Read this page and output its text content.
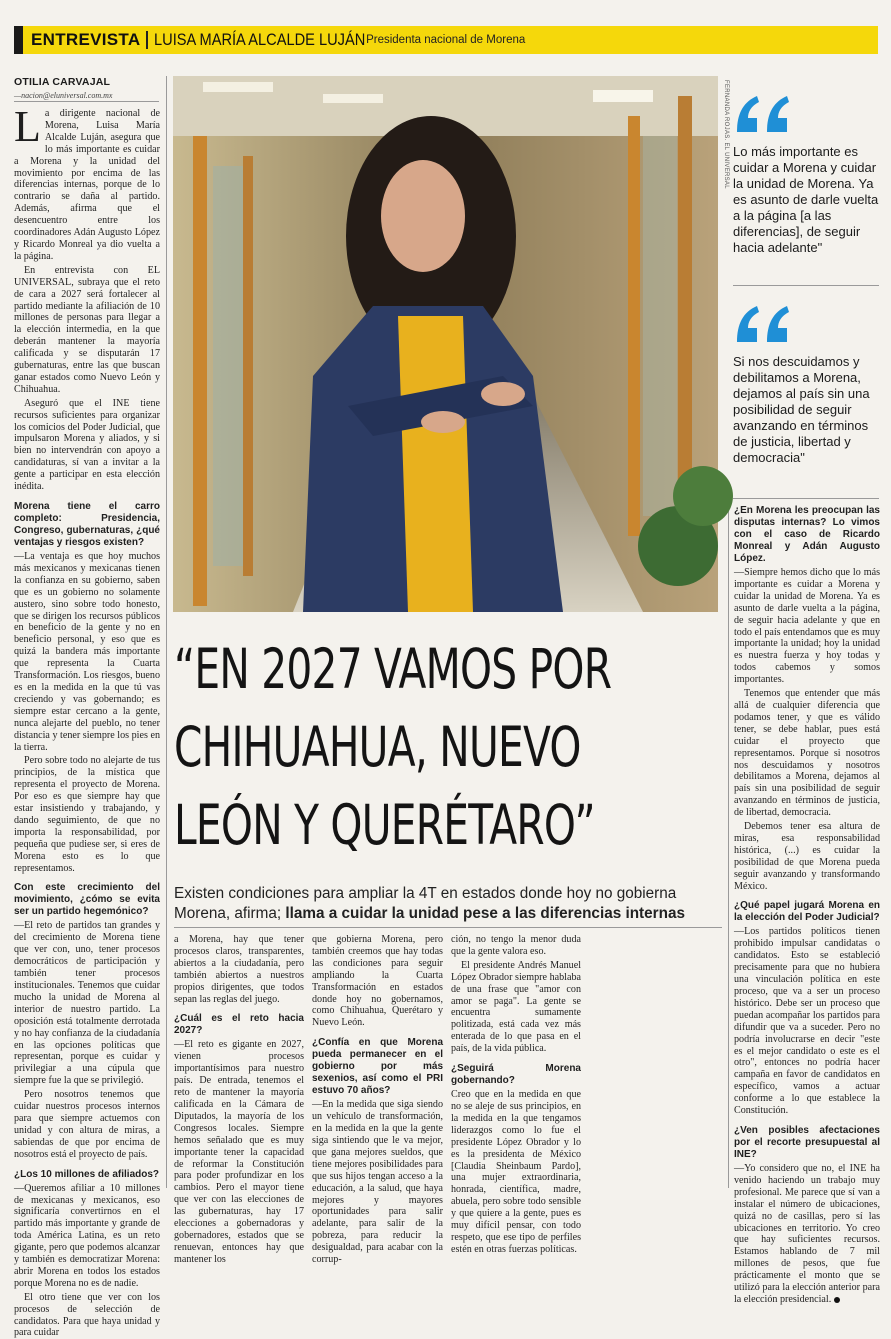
ENTREVISTA LUISA MARÍA ALCALDE LUJÁN Presidenta nacional de Morena
OTILIA CARVAJAL
—nacion@eluniversal.com.mx

La dirigente nacional de Morena, Luisa María Alcalde Luján, asegura que lo más importante es cuidar a Morena y la unidad del movimiento por encima de las diferencias internas, porque de lo contrario se daña al partido. Además, afirma que el desencuentro entre los coordinadores Adán Augusto López y Ricardo Monreal ya dio vuelta a la página.

En entrevista con EL UNIVERSAL, subraya que el reto de cara a 2027 será fortalecer al partido mediante la afiliación de 10 millones de personas para llegar a la elección intermedia, en la que deberán mantener la mayoría calificada y se disputarán 17 gubernaturas, entre las que buscan ganar estados como Nuevo León y Chihuahua.

Aseguró que el INE tiene recursos suficientes para organizar los comicios del Poder Judicial, que impulsaron Morena y aliados, y si bien no intervendrán con apoyo a candidaturas, sí van a invitar a la gente a participar en esta elección inédita.

Morena tiene el carro completo: Presidencia, Congreso, gubernaturas, ¿qué ventajas y riesgos existen?

—La ventaja es que hoy muchos más mexicanos y mexicanas tienen la confianza en su gobierno, saben que es un gobierno no solamente austero, sino sobre todo honesto, que se dirigen los recursos públicos en beneficio de la gente y no en beneficio personal, y eso que es quizá la bandera más importante que representa la Cuarta Transformación. Los riesgos, bueno es en la medida en la que tú vas creciendo y vas gobernando; es siempre estar cercano a la gente, nunca alejarte del pueblo, no tener distancia y tener siempre los pies en la tierra.

Pero sobre todo no alejarte de tus principios, de la mística que representa el proyecto de Morena. Por eso es que siempre hay que estar insistiendo y trabajando, y dando seguimiento, de que no importa la responsabilidad, por pequeña que pudiese ser, si eres de Morena esto es lo que representamos.

Con este crecimiento del movimiento, ¿cómo se evita ser un partido hegemónico?

—El reto de partidos tan grandes y del crecimiento de Morena tiene que ver con, uno, tener procesos democráticos de participación y también tener procesos institucionales. Tenemos que cuidar mucho la unidad de Morena al interior de nuestro partido. La oposición está totalmente derrotada y no hay confianza de la ciudadanía en las opciones políticas que representan, porque es cuidar y privilegiar a una cúpula que siempre fue la que se privilegió.

Pero nosotros tenemos que cuidar nuestros procesos internos para que siempre actuemos con unidad y con altura de miras, a sabiendas de que por encima de nosotros está el proyecto de país.

¿Los 10 millones de afiliados?

—Queremos afiliar a 10 millones de mexicanas y mexicanos, eso significaría convertirnos en el partido más importante y grande de toda América Latina, es un reto gigante, pero que podemos alcanzar y también es democratizar Morena: abrir Morena en todos los estados porque Morena no es de nadie.

El otro tiene que ver con los procesos de selección de candidatos. Para que haya unidad y para cuidar

FERNANDA ROJAS. EL UNIVERSAL Lo más importante es cuidar a Morena y cuidar la unidad de Morena. Ya es asunto de darle vuelta a la página [a las diferencias], de seguir hacia adelante"
Si nos descuidamos y debilitamos a Morena, dejamos al país sin una posibilidad de seguir avanzando en términos de justicia, libertad y democracia"

¿En Morena les preocupan las disputas internas? Lo vimos con el caso de Ricardo Monreal y Adán Augusto López.

—Siempre hemos dicho que lo más importante es cuidar a Morena y cuidar la unidad de Morena. Ya es asunto de darle vuelta a la página, de seguir hacia adelante y que en todo el país entendamos que es muy importante la unidad; hoy la unidad es nuestra fuerza y hoy todas y todos cabemos y somos importantes.

Tenemos que entender que más allá de cualquier diferencia que podamos tener, y que es válido tener, se debe hablar, pues está cuidar el proyecto que representamos. Porque si nosotros nos descuidamos y nosotros debilitamos a Morena, dejamos al país sin una posibilidad de seguir avanzando en términos de justicia, de libertad, democracia.

Debemos tener esa altura de miras, esa responsabilidad histórica, (...) es cuidar la posibilidad de que Morena pueda seguir avanzando y transformando México.

¿Qué papel jugará Morena en la elección del Poder Judicial?

—Los partidos políticos tienen prohibido impulsar candidatas o candidatos. Esto se estableció precisamente para que no hubiera una vinculación política en este proceso, que va a ser un proceso histórico. Debe ser un proceso que puedan acompañar los partidos para difundir que va a suceder. Pero no podría involucrarse en decir "este es el mejor candidato o este es el otro", entonces no podría hacer campaña en favor de candidatos en específico, vamos a actuar conforme a lo que establece la Constitución.

¿Ven posibles afectaciones por el recorte presupuestal al INE?

—Yo considero que no, el INE ha venido haciendo un trabajo muy profesional. Me parece que sí van a instalar el número de ubicaciones, quizá no de casillas, pero sí las ubicaciones en territorio. Yo creo que hay suficientes recursos. Estamos hablando de 7 mil millones de pesos, que fue prácticamente el monto que se utilizó para la elección anterior para la elección presidencial.

“EN 2027 VAMOS POR
CHIHUAHUA, NUEVO
LEÓN Y QUERÉTARO”
Existen condiciones para ampliar la 4T en estados donde hoy no gobierna Morena, afirma; llama a cuidar la unidad pese a las diferencias internas

a Morena, hay que tener procesos claros, transparentes, abiertos a la ciudadanía, pero también abiertos a nuestros propios dirigentes, que todos sepan las reglas del juego.

¿Cuál es el reto hacia 2027?

—El reto es gigante en 2027, vienen procesos importantísimos para nuestro país. De entrada, tenemos el reto de mantener la mayoría calificada en la Cámara de Diputados, la mayoría de los Congresos locales. Siempre hemos señalado que es muy importante tener la capacidad de reformar la Constitución para poder profundizar en los cambios. Pero el mayor tiene que ver con las elecciones de las gubernaturas, hay 17 elecciones a gobernadoras y gobernadores, estados que se renuevan, entonces hay que mantener los

que gobierna Morena, pero también creemos que hay todas las condiciones para seguir ampliando la Cuarta Transformación en estados donde hoy no gobernamos, como Chihuahua, Querétaro y Nuevo León.

¿Confía en que Morena pueda permanecer en el gobierno por más sexenios, así como el PRI estuvo 70 años?

—En la medida que siga siendo un vehículo de transformación, en la medida en la que la gente siga sintiendo que le va mejor, que gana mejores sueldos, que tiene mejores posibilidades para que sus hijos tengan acceso a la educación, a la salud, que haya mejores y mayores oportunidades para salir adelante, para salir de la pobreza, para reducir la desigualdad, para acabar con la corrup-

ción, no tengo la menor duda que la gente valora eso.

El presidente Andrés Manuel López Obrador siempre hablaba de una frase que "amor con amor se paga". La gente se encuentra sumamente politizada, está cada vez más enterada de lo que pasa en el país, de la vida pública.

¿Seguirá Morena gobernando?

Creo que en la medida en que no se aleje de sus principios, en la medida en la que tengamos liderazgos como lo fue el presidente López Obrador y lo es la presidenta de México [Claudia Sheinbaum Pardo], una mujer extraordinaria, honrada, científica, madre, abuela, pero sobre todo sensible y que quiere a la gente, pues es muy difícil pensar, con todo respeto, que ese tipo de perfiles estén en otras fuerzas políticas.
